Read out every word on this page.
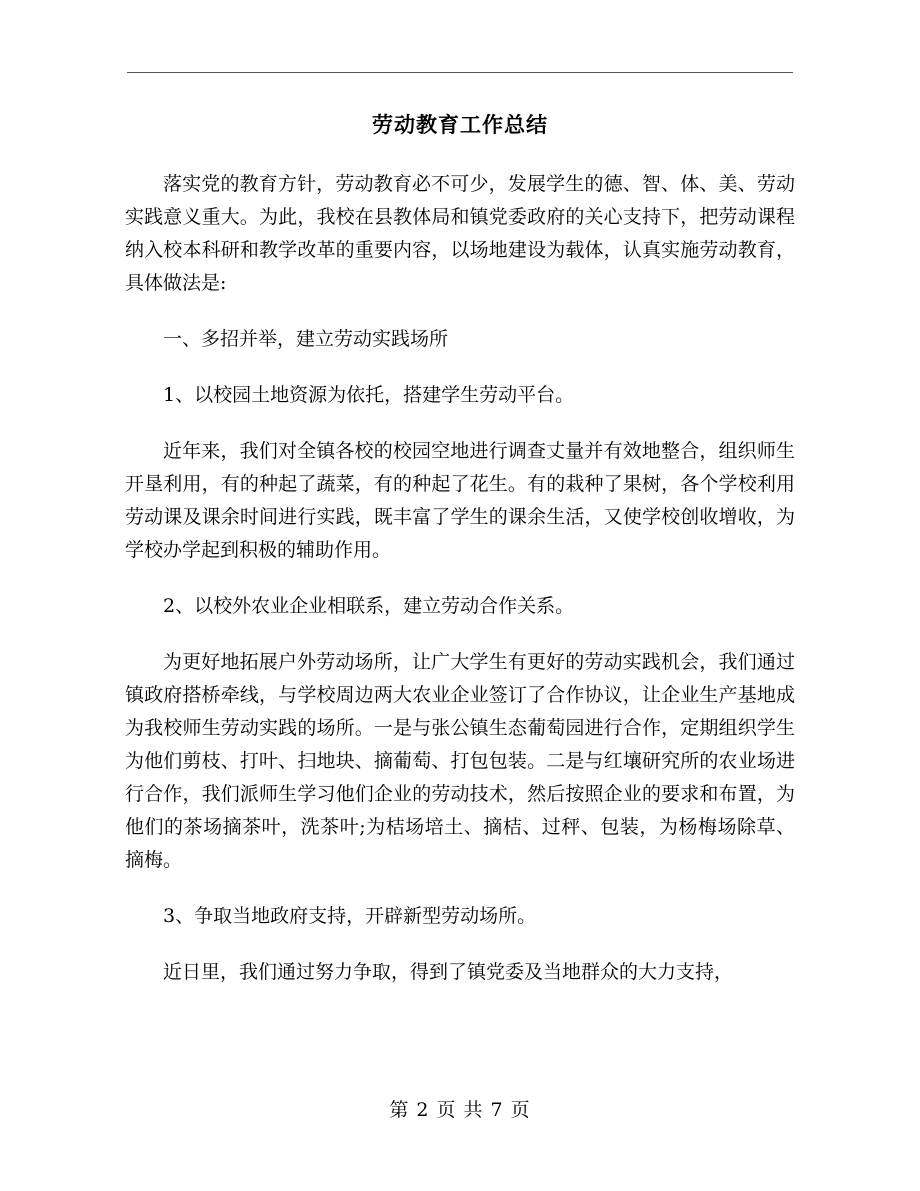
劳动教育工作总结

落实党的教育方针，劳动教育必不可少，发展学生的德、智、体、美、劳动实践意义重大。为此，我校在县教体局和镇党委政府的关心支持下，把劳动课程纳入校本科研和教学改革的重要内容，以场地建设为载体，认真实施劳动教育，具体做法是:

一、多招并举，建立劳动实践场所

1、以校园土地资源为依托，搭建学生劳动平台。

近年来，我们对全镇各校的校园空地进行调查丈量并有效地整合，组织师生开垦利用，有的种起了蔬菜，有的种起了花生。有的栽种了果树，各个学校利用劳动课及课余时间进行实践，既丰富了学生的课余生活，又使学校创收增收，为学校办学起到积极的辅助作用。

2、以校外农业企业相联系，建立劳动合作关系。

为更好地拓展户外劳动场所，让广大学生有更好的劳动实践机会，我们通过镇政府搭桥牵线，与学校周边两大农业企业签订了合作协议，让企业生产基地成为我校师生劳动实践的场所。一是与张公镇生态葡萄园进行合作，定期组织学生为他们剪枝、打叶、扫地块、摘葡萄、打包包装。二是与红壤研究所的农业场进行合作，我们派师生学习他们企业的劳动技术，然后按照企业的要求和布置，为他们的茶场摘茶叶，洗茶叶;为桔场培土、摘桔、过秤、包装，为杨梅场除草、摘梅。

3、争取当地政府支持，开辟新型劳动场所。

近日里，我们通过努力争取，得到了镇党委及当地群众的大力支持，

第 2 页 共 7 页
